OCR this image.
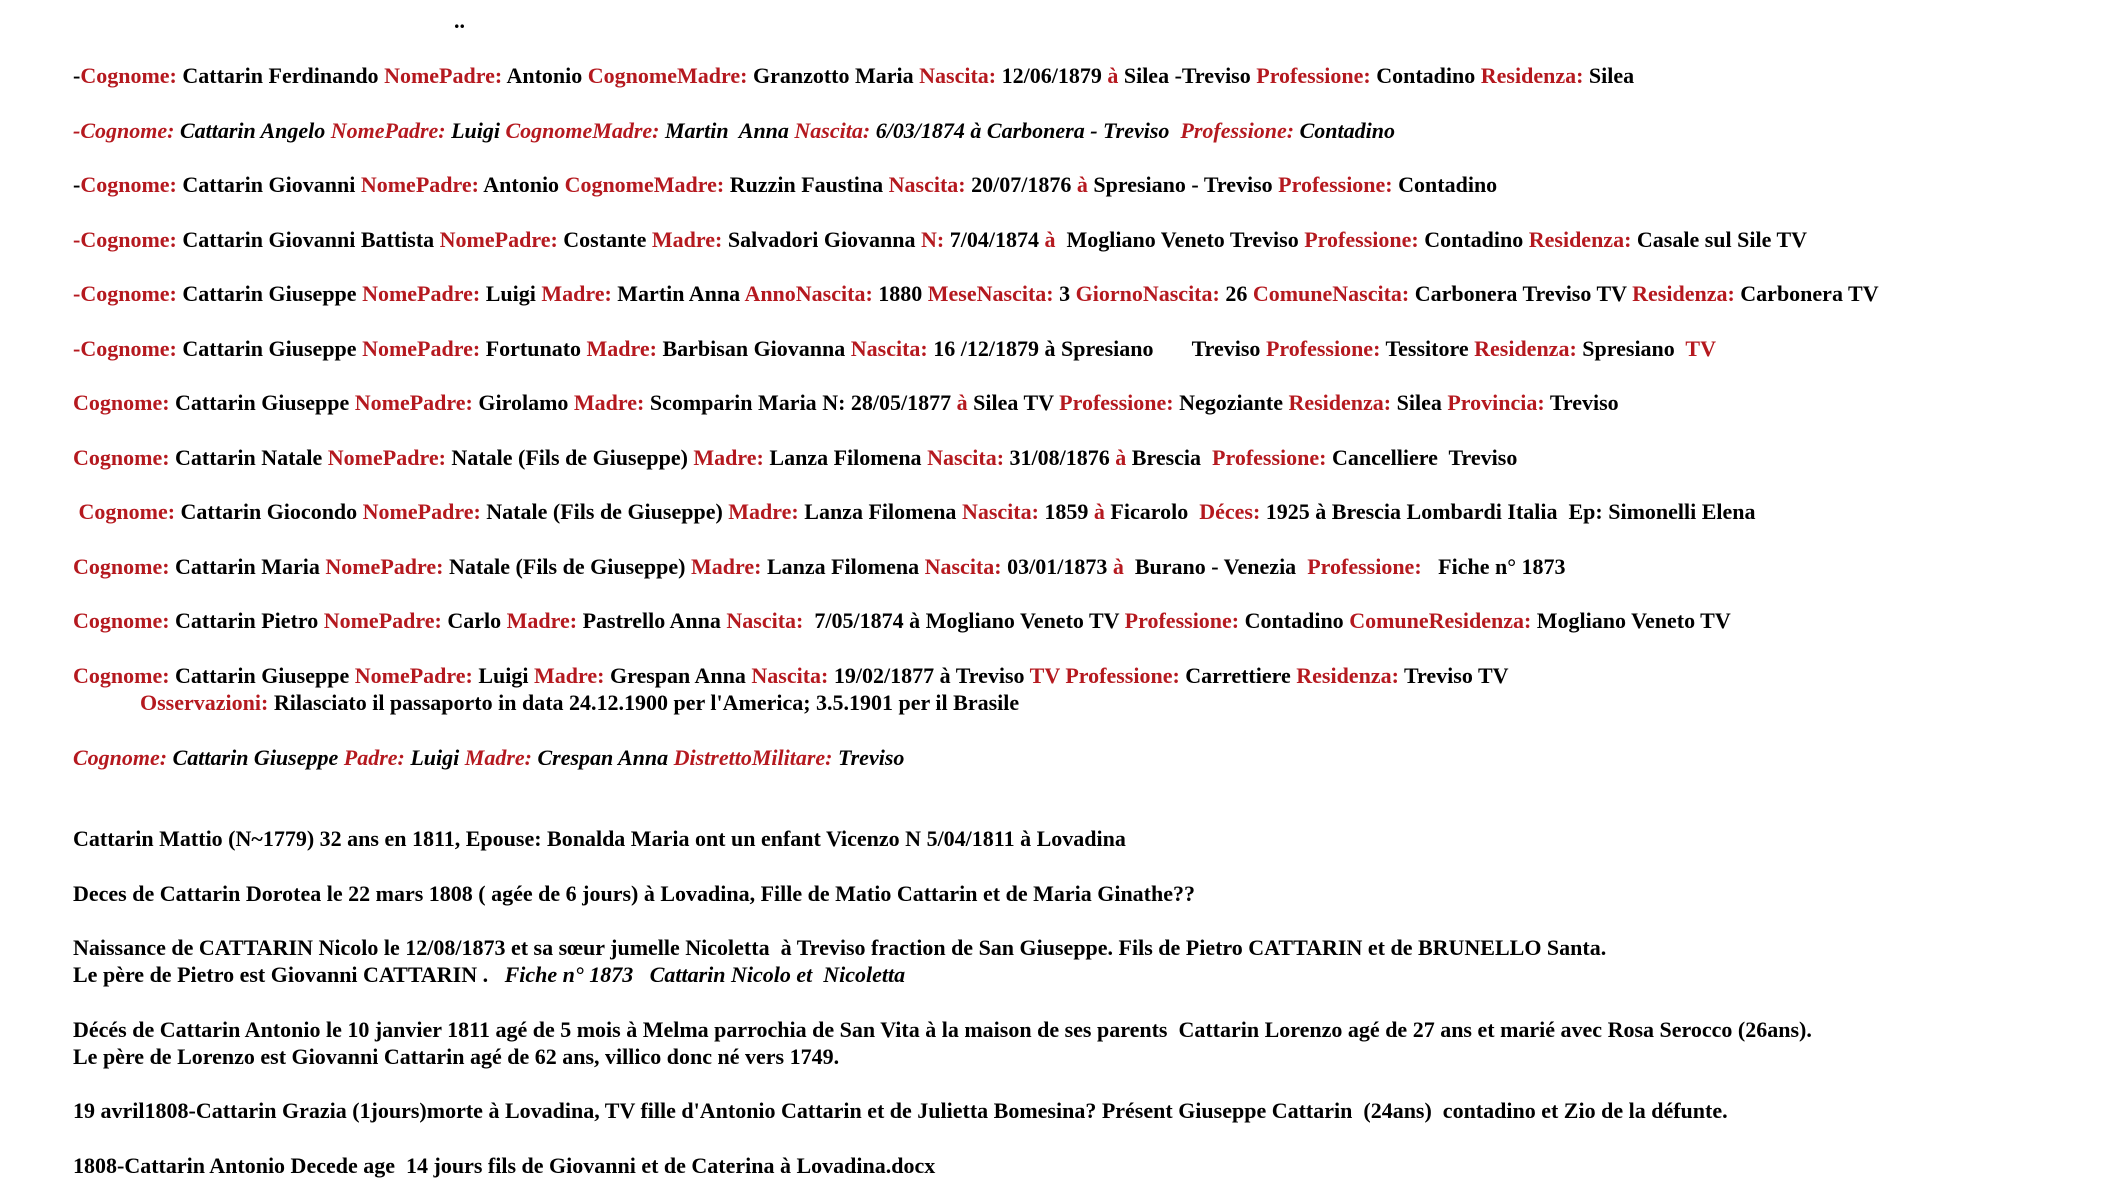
..
-Cognome: Cattarin Ferdinando NomePadre: Antonio CognomeMadre: Granzotto Maria Nascita: 12/06/1879 à Silea -Treviso Professione: Contadino Residenza: Silea
-Cognome: Cattarin Angelo NomePadre: Luigi CognomeMadre: Martin  Anna Nascita: 6/03/1874 à Carbonera - Treviso  Professione: Contadino
-Cognome: Cattarin Giovanni NomePadre: Antonio CognomeMadre: Ruzzin Faustina Nascita: 20/07/1876 à Spresiano - Treviso Professione: Contadino
-Cognome: Cattarin Giovanni Battista NomePadre: Costante Madre: Salvadori Giovanna N: 7/04/1874 à  Mogliano Veneto Treviso Professione: Contadino Residenza: Casale sul Sile TV
-Cognome: Cattarin Giuseppe NomePadre: Luigi Madre: Martin Anna AnnoNascita: 1880 MeseNascita: 3 GiornoNascita: 26 ComuneNascita: Carbonera Treviso TV Residenza: Carbonera TV
-Cognome: Cattarin Giuseppe NomePadre: Fortunato Madre: Barbisan Giovanna Nascita: 16 /12/1879 à Spresiano       Treviso Professione: Tessitore Residenza: Spresiano  TV
Cognome: Cattarin Giuseppe NomePadre: Girolamo Madre: Scomparin Maria N: 28/05/1877 à Silea TV Professione: Negoziante Residenza: Silea Provincia: Treviso
Cognome: Cattarin Natale NomePadre: Natale (Fils de Giuseppe) Madre: Lanza Filomena Nascita: 31/08/1876 à Brescia  Professione: Cancelliere  Treviso
Cognome: Cattarin Giocondo NomePadre: Natale (Fils de Giuseppe) Madre: Lanza Filomena Nascita: 1859 à Ficarolo  Déces: 1925 à Brescia Lombardi Italia  Ep: Simonelli Elena
Cognome: Cattarin Maria NomePadre: Natale (Fils de Giuseppe) Madre: Lanza Filomena Nascita: 03/01/1873 à  Burano - Venezia  Professione:   Fiche n° 1873
Cognome: Cattarin Pietro NomePadre: Carlo Madre: Pastrello Anna Nascita:  7/05/1874 à Mogliano Veneto TV Professione: Contadino ComuneResidenza: Mogliano Veneto TV
Cognome: Cattarin Giuseppe NomePadre: Luigi Madre: Grespan Anna Nascita: 19/02/1877 à Treviso TV Professione: Carrettiere Residenza: Treviso TV
Osservazioni: Rilasciato il passaporto in data 24.12.1900 per l'America; 3.5.1901 per il Brasile
Cognome: Cattarin Giuseppe Padre: Luigi Madre: Crespan Anna DistrettoMilitare: Treviso
Cattarin Mattio (N~1779) 32 ans en 1811, Epouse: Bonalda Maria ont un enfant Vicenzo N 5/04/1811 à Lovadina
Deces de Cattarin Dorotea le 22 mars 1808 ( agée de 6 jours) à Lovadina, Fille de Matio Cattarin et de Maria Ginathe??
Naissance de CATTARIN Nicolo le 12/08/1873 et sa sœur jumelle Nicoletta  à Treviso fraction de San Giuseppe. Fils de Pietro CATTARIN et de BRUNELLO Santa.
Le père de Pietro est Giovanni CATTARIN .   Fiche n° 1873   Cattarin Nicolo et  Nicoletta
Décés de Cattarin Antonio le 10 janvier 1811 agé de 5 mois à Melma parrochia de San Vita à la maison de ses parents  Cattarin Lorenzo agé de 27 ans et marié avec Rosa Serocco (26ans).
Le père de Lorenzo est Giovanni Cattarin agé de 62 ans, villico donc né vers 1749.
19 avril1808-Cattarin Grazia (1jours)morte à Lovadina, TV fille d'Antonio Cattarin et de Julietta Bomesina? Présent Giuseppe Cattarin  (24ans)  contadino et Zio de la défunte.
1808-Cattarin Antonio Decede age  14 jours fils de Giovanni et de Caterina à Lovadina.docx
